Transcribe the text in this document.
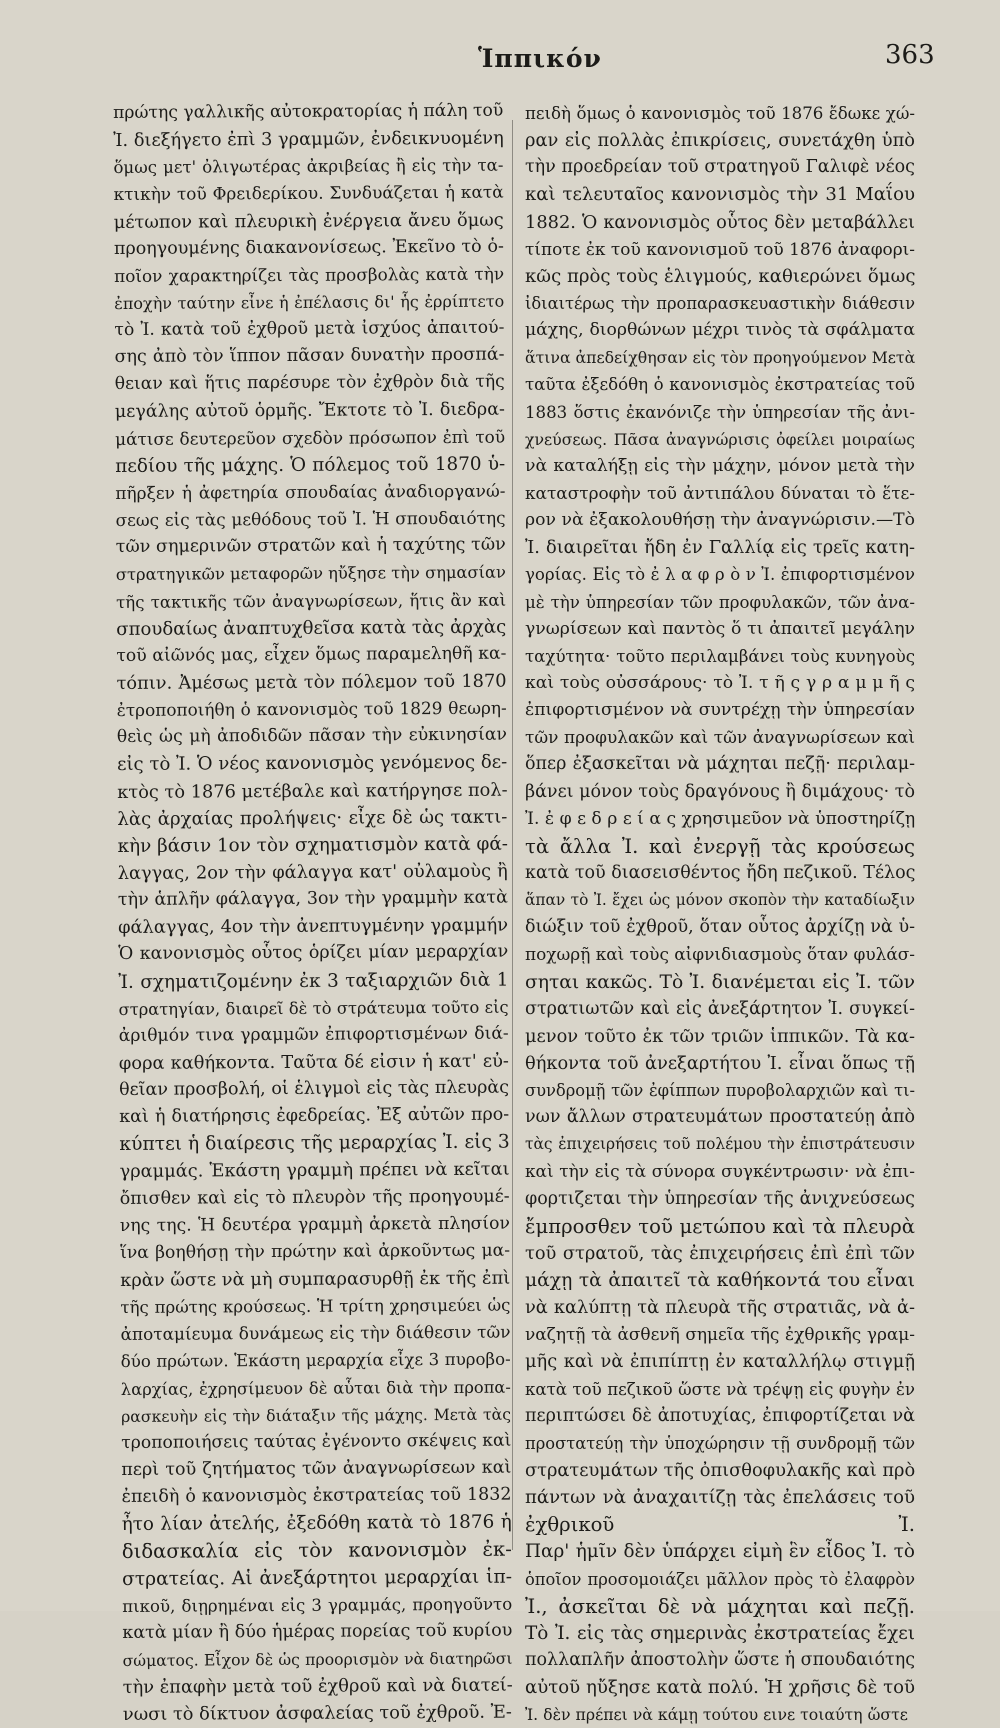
Ἱππικόν	363
πρώτης γαλλικῆς αὐτοκρατορίας ἡ πάλη τοῦ
Ἰ. διεξήγετο ἐπὶ 3 γραμμῶν, ἐνδεικνυομένη
ὅμως μετ' ὀλιγωτέρας ἀκριβείας ἢ εἰς τὴν τα-
κτικὴν τοῦ Φρειδερίκου. Συνδυάζεται ἡ κατὰ
μέτωπον καὶ πλευρικὴ ἐνέργεια ἄνευ ὅμως
προηγουμένης διακανονίσεως. Ἐκεῖνο τὸ ὁ-
ποῖον χαρακτηρίζει τὰς προσβολὰς κατὰ τὴν
ἐποχὴν ταύτην εἶνε ἡ ἐπέλασις δι' ἧς ἐρρίπτετο
τὸ Ἰ. κατὰ τοῦ ἐχθροῦ μετὰ ἰσχύος ἀπαιτού-
σης ἀπὸ τὸν ἵππον πᾶσαν δυνατὴν προσπά-
θειαν καὶ ἥτις παρέσυρε τὸν ἐχθρὸν διὰ τῆς
μεγάλης αὐτοῦ ὁρμῆς. Ἔκτοτε τὸ Ἰ. διεδρα-
μάτισε δευτερεῦον σχεδὸν πρόσωπον ἐπὶ τοῦ
πεδίου τῆς μάχης. Ὁ πόλεμος τοῦ 1870 ὑ-
πῆρξεν ἡ ἀφετηρία σπουδαίας ἀναδιοργανώ-
σεως εἰς τὰς μεθόδους τοῦ Ἰ. Ἡ σπουδαιότης
τῶν σημερινῶν στρατῶν καὶ ἡ ταχύτης τῶν
στρατηγικῶν μεταφορῶν ηὔξησε τὴν σημασίαν
τῆς τακτικῆς τῶν ἀναγνωρίσεων, ἥτις ἂν καὶ
σπουδαίως ἀναπτυχθεῖσα κατὰ τὰς ἀρχὰς
τοῦ αἰῶνός μας, εἶχεν ὅμως παραμεληθῆ κα-
τόπιν. Ἀμέσως μετὰ τὸν πόλεμον τοῦ 1870
ἐτροποποιήθη ὁ κανονισμὸς τοῦ 1829 θεωρη-
θεὶς ὡς μὴ ἀποδιδῶν πᾶσαν τὴν εὐκινησίαν
εἰς τὸ Ἰ. Ὁ νέος κανονισμὸς γενόμενος δε-
κτὸς τὸ 1876 μετέβαλε καὶ κατήργησε πολ-
λὰς ἀρχαίας προλήψεις· εἶχε δὲ ὡς τακτι-
κὴν βάσιν 1ον τὸν σχηματισμὸν κατὰ φά-
λαγγας, 2ον τὴν φάλαγγα κατ' οὐλαμοὺς ἢ
τὴν ἁπλῆν φάλαγγα, 3ον τὴν γραμμὴν κατὰ
φάλαγγας, 4ον τὴν ἀνεπτυγμένην γραμμήν
Ὁ κανονισμὸς οὗτος ὁρίζει μίαν μεραρχίαν
Ἰ. σχηματιζομένην ἐκ 3 ταξιαρχιῶν διὰ 1
στρατηγίαν, διαιρεῖ δὲ τὸ στράτευμα τοῦτο εἰς
ἀριθμόν τινα γραμμῶν ἐπιφορτισμένων διά-
φορα καθήκοντα. Ταῦτα δέ εἰσιν ἡ κατ' εὐ-
θεῖαν προσβολή, οἱ ἑλιγμοὶ εἰς τὰς πλευρὰς
καὶ ἡ διατήρησις ἐφεδρείας. Ἐξ αὐτῶν προ-
κύπτει ἡ διαίρεσις τῆς μεραρχίας Ἰ. εἰς 3
γραμμάς. Ἑκάστη γραμμὴ πρέπει νὰ κεῖται
ὄπισθεν καὶ εἰς τὸ πλευρὸν τῆς προηγουμέ-
νης της. Ἡ δευτέρα γραμμὴ ἀρκετὰ πλησίον
ἵνα βοηθήσῃ τὴν πρώτην καὶ ἀρκοῦντως μα-
κρὰν ὥστε νὰ μὴ συμπαρασυρθῇ ἐκ τῆς ἐπὶ
τῆς πρώτης κρούσεως. Ἡ τρίτη χρησιμεύει ὡς
ἀποταμίευμα δυνάμεως εἰς τὴν διάθεσιν τῶν
δύο πρώτων. Ἑκάστη μεραρχία εἶχε 3 πυροβο-
λαρχίας, ἐχρησίμευον δὲ αὗται διὰ τὴν προπα-
ρασκευὴν εἰς τὴν διάταξιν τῆς μάχης. Μετὰ τὰς
τροποποιήσεις ταύτας ἐγένοντο σκέψεις καὶ
περὶ τοῦ ζητήματος τῶν ἀναγνωρίσεων καὶ
ἐπειδὴ ὁ κανονισμὸς ἐκστρατείας τοῦ 1832
ἦτο λίαν ἀτελής, ἐξεδόθη κατὰ τὸ 1876 ἡ
διδασκαλία εἰς τὸν κανονισμὸν ἐκ-
στρατείας. Αἱ ἀνεξάρτητοι μεραρχίαι ἱπ-
πικοῦ, διῃρημέναι εἰς 3 γραμμάς, προηγοῦντο
κατὰ μίαν ἢ δύο ἡμέρας πορείας τοῦ κυρίου
σώματος. Εἶχον δὲ ὡς προορισμὸν νὰ διατηρῶσι
τὴν ἐπαφὴν μετὰ τοῦ ἐχθροῦ καὶ νὰ διατεί-
νωσι τὸ δίκτυον ἀσφαλείας τοῦ ἐχθροῦ. Ἐ-
πειδὴ ὅμως ὁ κανονισμὸς τοῦ 1876 ἔδωκε χώ-
ραν εἰς πολλὰς ἐπικρίσεις, συνετάχθη ὑπὸ
τὴν προεδρείαν τοῦ στρατηγοῦ Γαλιφὲ νέος
καὶ τελευταῖος κανονισμὸς τὴν 31 Μαΐου
1882. Ὁ κανονισμὸς οὗτος δὲν μεταβάλλει
τίποτε ἐκ τοῦ κανονισμοῦ τοῦ 1876 ἀναφορι-
κῶς πρὸς τοὺς ἑλιγμούς, καθιερώνει ὅμως
ἰδιαιτέρως τὴν προπαρασκευαστικὴν διάθεσιν
μάχης, διορθώνων μέχρι τινὸς τὰ σφάλματα
ἅτινα ἀπεδείχθησαν εἰς τὸν προηγούμενον Μετὰ
ταῦτα ἐξεδόθη ὁ κανονισμὸς ἐκστρατείας τοῦ
1883 ὅστις ἐκανόνιζε τὴν ὑπηρεσίαν τῆς ἀνι-
χνεύσεως. Πᾶσα ἀναγνώρισις ὀφείλει μοιραίως
νὰ καταλήξῃ εἰς τὴν μάχην, μόνον μετὰ τὴν
καταστροφὴν τοῦ ἀντιπάλου δύναται τὸ ἕτε-
ρον νὰ ἐξακολουθήσῃ τὴν ἀναγνώρισιν.—Τὸ
Ἰ. διαιρεῖται ἤδη ἐν Γαλλίᾳ εἰς τρεῖς κατη-
γορίας. Εἰς τὸ ἐ λ α φ ρ ὸ ν Ἰ. ἐπιφορτισμένον
μὲ τὴν ὑπηρεσίαν τῶν προφυλακῶν, τῶν ἀνα-
γνωρίσεων καὶ παντὸς ὅ τι ἀπαιτεῖ μεγάλην
ταχύτητα· τοῦτο περιλαμβάνει τοὺς κυνηγοὺς
καὶ τοὺς οὐσσάρους· τὸ Ἰ. τ ῆ ς γ ρ α μ μ ῆ ς
ἐπιφορτισμένον νὰ συντρέχῃ τὴν ὑπηρεσίαν
τῶν προφυλακῶν καὶ τῶν ἀναγνωρίσεων καὶ
ὅπερ ἐξασκεῖται νὰ μάχηται πεζῇ· περιλαμ-
βάνει μόνον τοὺς δραγόνους ἢ διμάχους· τὸ
Ἰ. ἐ φ ε δ ρ ε ί α ς χρησιμεῦον νὰ ὑποστηρίζῃ
τὰ ἄλλα Ἰ. καὶ ἐνεργῇ τὰς κρούσεως
κατὰ τοῦ διασεισθέντος ἤδη πεζικοῦ. Τέλος
ἅπαν τὸ Ἰ. ἔχει ὡς μόνον σκοπὸν τὴν καταδίωξιν
διώξιν τοῦ ἐχθροῦ, ὅταν οὗτος ἀρχίζῃ νὰ ὑ-
ποχωρῇ καὶ τοὺς αἰφνιδιασμοὺς ὅταν φυλάσ-
σηται κακῶς. Τὸ Ἰ. διανέμεται εἰς Ἰ. τῶν
στρατιωτῶν καὶ εἰς ἀνεξάρτητον Ἰ. συγκεί-
μενον τοῦτο ἐκ τῶν τριῶν ἱππικῶν. Τὰ κα-
θήκοντα τοῦ ἀνεξαρτήτου Ἰ. εἶναι ὅπως τῇ
συνδρομῇ τῶν ἐφίππων πυροβολαρχιῶν καὶ τι-
νων ἄλλων στρατευμάτων προστατεύῃ ἀπὸ
τὰς ἐπιχειρήσεις τοῦ πολέμου τὴν ἐπιστράτευσιν
καὶ τὴν εἰς τὰ σύνορα συγκέντρωσιν· νὰ ἐπι-
φορτιζεται τὴν ὑπηρεσίαν τῆς ἀνιχνεύσεως
ἔμπροσθεν τοῦ μετώπου καὶ τὰ πλευρὰ
τοῦ στρατοῦ, τὰς ἐπιχειρήσεις ἐπὶ ἐπὶ τῶν
μάχῃ τὰ ἀπαιτεῖ τὰ καθήκοντά του εἶναι
νὰ καλύπτῃ τὰ πλευρὰ τῆς στρατιᾶς, νὰ ἀ-
ναζητῇ τὰ ἀσθενῆ σημεῖα τῆς ἐχθρικῆς γραμ-
μῆς καὶ νὰ ἐπιπίπτῃ ἐν καταλλήλῳ στιγμῇ
κατὰ τοῦ πεζικοῦ ὥστε νὰ τρέψῃ εἰς φυγὴν ἐν
περιπτώσει δὲ ἀποτυχίας, ἐπιφορτίζεται νὰ
προστατεύῃ τὴν ὑποχώρησιν τῇ συνδρομῇ τῶν
στρατευμάτων τῆς ὀπισθοφυλακῆς καὶ πρὸ
πάντων νὰ ἀναχαιτίζῃ τὰς ἐπελάσεις τοῦ
ἐχθρικοῦ Ἰ.
Παρ' ἡμῖν δὲν ὑπάρχει εἰμὴ ἓν εἶδος Ἰ. τὸ
ὁποῖον προσομοιάζει μᾶλλον πρὸς τὸ ἐλαφρὸν
Ἰ., ἀσκεῖται δὲ νὰ μάχηται καὶ πεζῇ.
Τὸ Ἰ. εἰς τὰς σημερινὰς ἐκστρατείας ἔχει
πολλαπλῆν ἀποστολὴν ὥστε ἡ σπουδαιότης
αὐτοῦ ηὔξησε κατὰ πολύ. Ἡ χρῆσις δὲ τοῦ
Ἰ. δὲν πρέπει νὰ κάμῃ τούτου εινε τοιαύτη ὥστε
